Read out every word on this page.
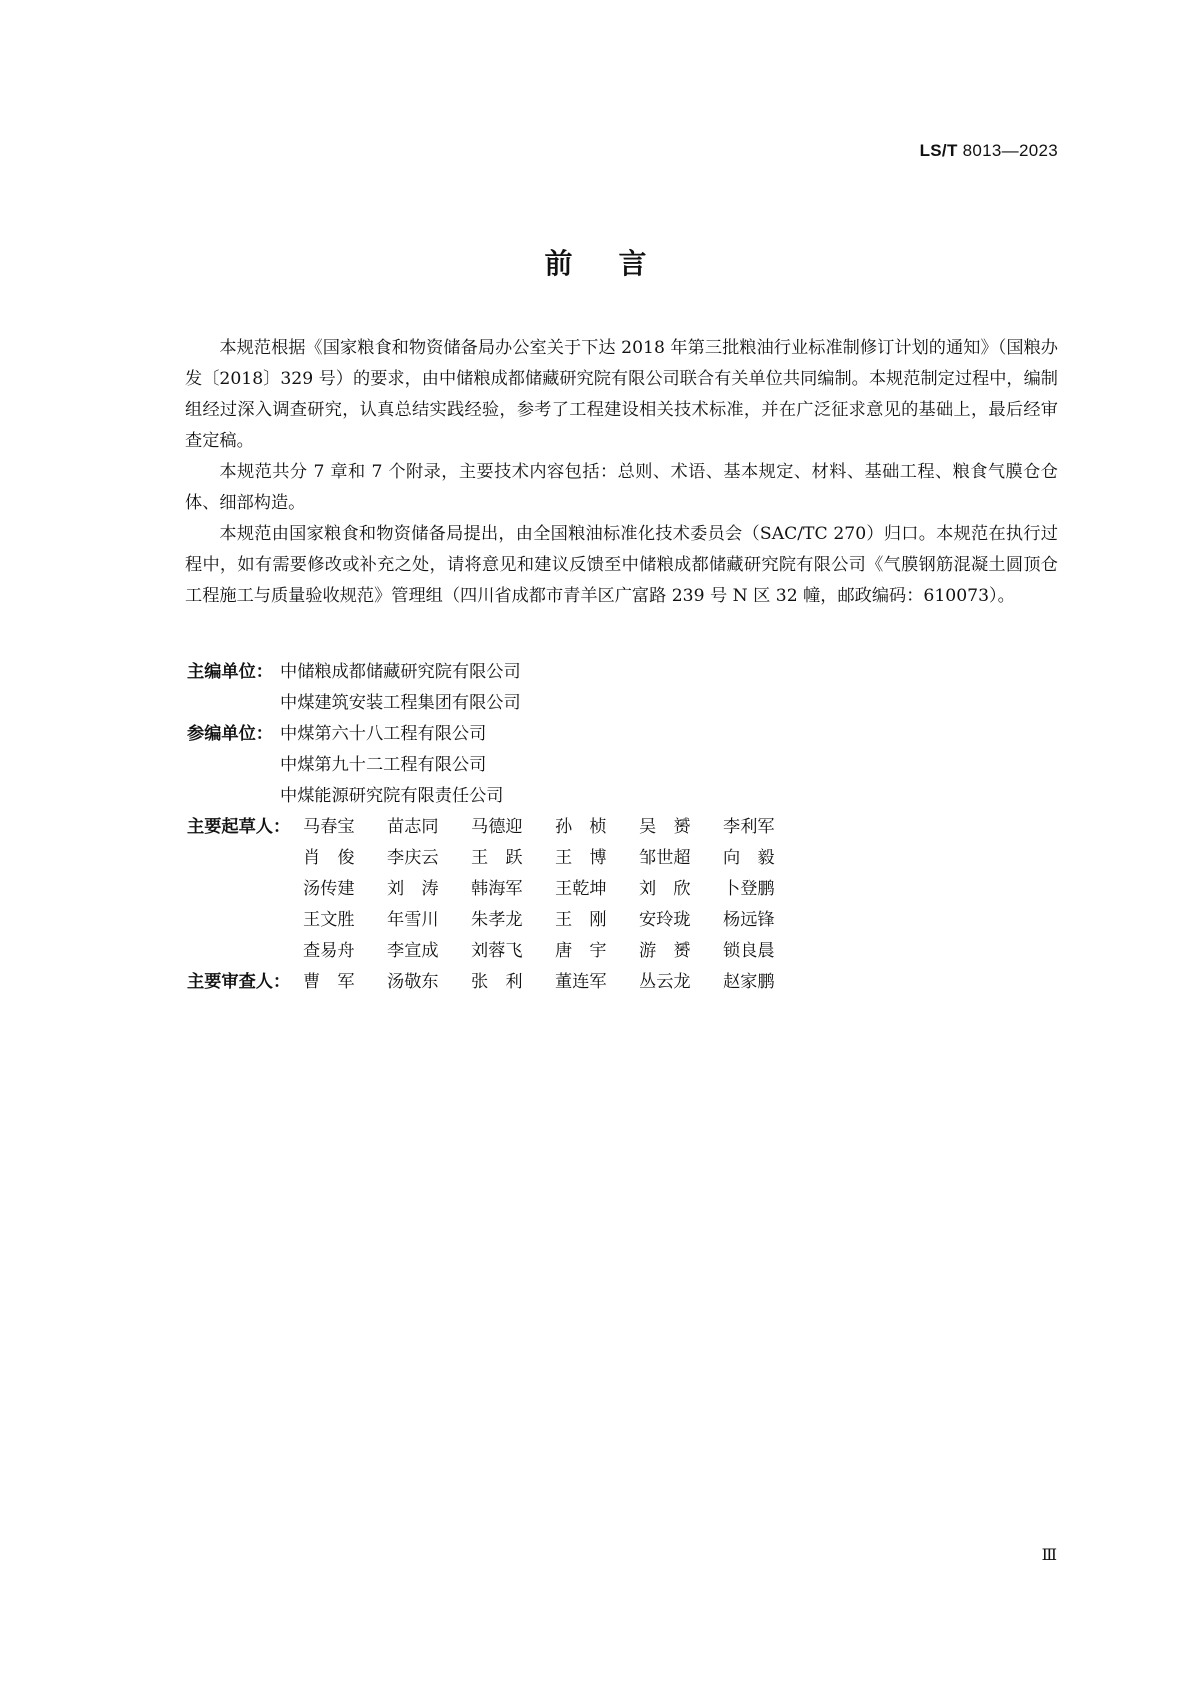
LS/T 8013—2023
前言

本规范根据《国家粮食和物资储备局办公室关于下达 2018 年第三批粮油行业标准制修订计划的通知》（国粮办发〔2018〕329 号）的要求，由中储粮成都储藏研究院有限公司联合有关单位共同编制。本规范制定过程中，编制组经过深入调查研究，认真总结实践经验，参考了工程建设相关技术标准，并在广泛征求意见的基础上，最后经审查定稿。

本规范共分 7 章和 7 个附录，主要技术内容包括：总则、术语、基本规定、材料、基础工程、粮食气膜仓仓体、细部构造。

本规范由国家粮食和物资储备局提出，由全国粮油标准化技术委员会（SAC/TC 270）归口。本规范在执行过程中，如有需要修改或补充之处，请将意见和建议反馈至中储粮成都储藏研究院有限公司《气膜钢筋混凝土圆顶仓工程施工与质量验收规范》管理组（四川省成都市青羊区广富路 239 号 N 区 32 幢，邮政编码：610073）。

主编单位： 中储粮成都储藏研究院有限公司
中煤建筑安装工程集团有限公司
参编单位： 中煤第六十八工程有限公司
中煤第九十二工程有限公司
中煤能源研究院有限责任公司
主要起草人： 马春宝	苗志同	马德迎	孙　桢	吴　赟	李利军
肖　俊	李庆云	王　跃	王　博	邹世超	向　毅
汤传建	刘　涛	韩海军	王乾坤	刘　欣	卜登鹏
王文胜	年雪川	朱孝龙	王　刚	安玲珑	杨远锋
查易舟	李宣成	刘蓉飞	唐　宇	游　赟	锁良晨
主要审查人： 曹　军	汤敬东	张　利	董连军	丛云龙	赵家鹏
Ⅲ
